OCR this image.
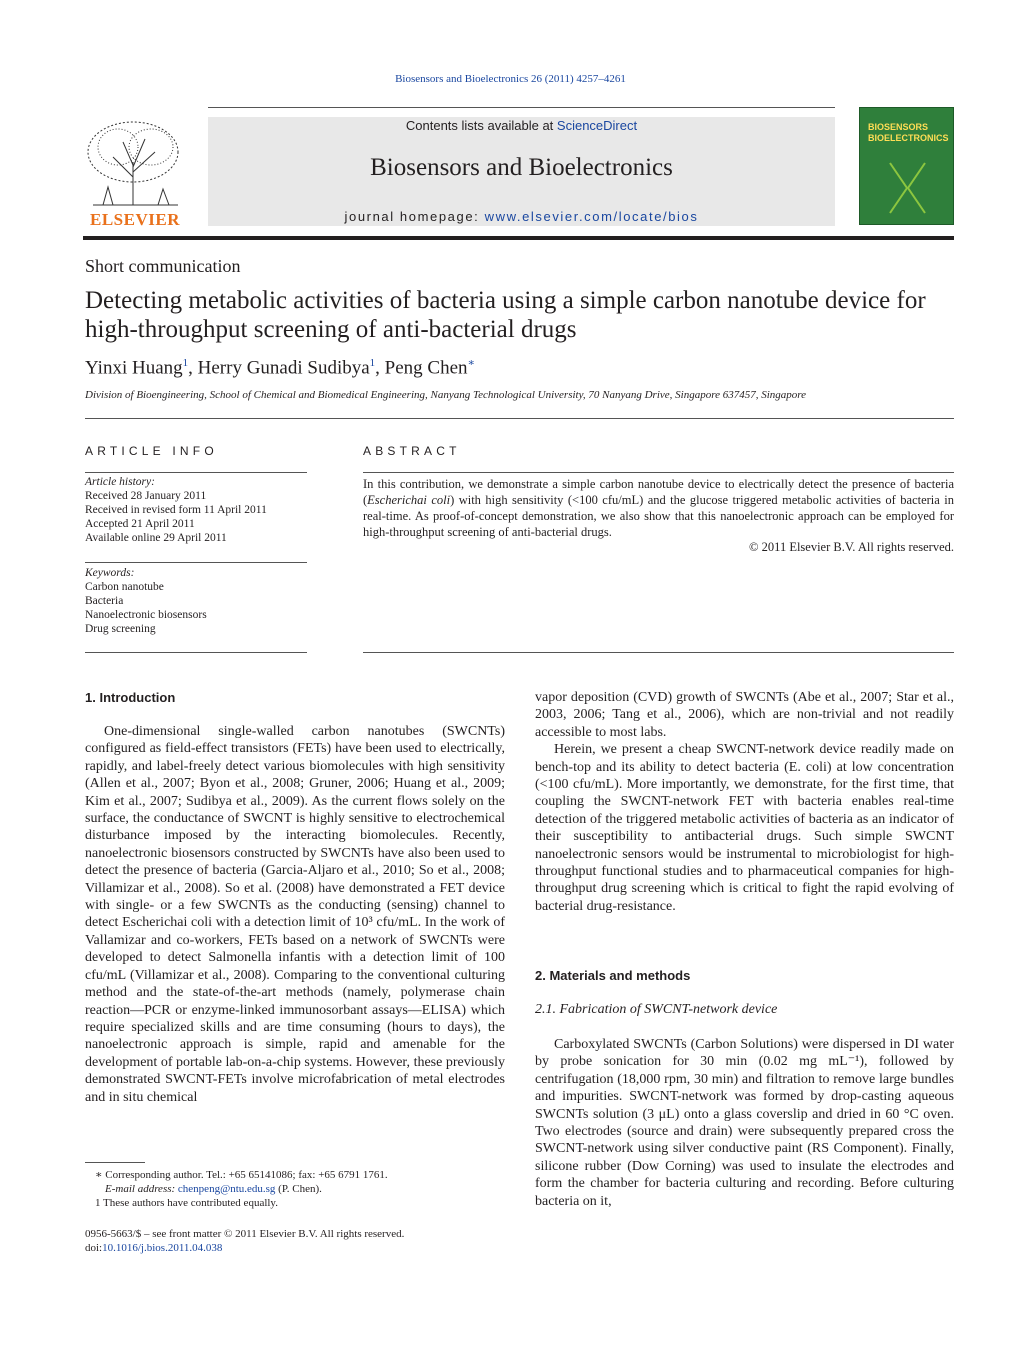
Biosensors and Bioelectronics 26 (2011) 4257–4261
ELSEVIER
Contents lists available at ScienceDirect
Biosensors and Bioelectronics
journal homepage: www.elsevier.com/locate/bios
BIOSENSORS BIOELECTRONICS
Short communication
Detecting metabolic activities of bacteria using a simple carbon nanotube device for high-throughput screening of anti-bacterial drugs
Yinxi Huang$^1$, Herry Gunadi Sudibya$^1$, Peng Chen∗
Division of Bioengineering, School of Chemical and Biomedical Engineering, Nanyang Technological University, 70 Nanyang Drive, Singapore 637457, Singapore
ARTICLE INFO	ABSTRACT
Article history:
Received 28 January 2011
Received in revised form 11 April 2011
Accepted 21 April 2011
Available online 29 April 2011
Keywords:
Carbon nanotube
Bacteria
Nanoelectronic biosensors
Drug screening
In this contribution, we demonstrate a simple carbon nanotube device to electrically detect the presence of bacteria (Escherichai coli) with high sensitivity (<100 cfu/mL) and the glucose triggered metabolic activities of bacteria in real-time. As proof-of-concept demonstration, we also show that this nanoelectronic approach can be employed for high-throughput screening of anti-bacterial drugs.
© 2011 Elsevier B.V. All rights reserved.
1. Introduction

One-dimensional single-walled carbon nanotubes (SWCNTs) configured as field-effect transistors (FETs) have been used to electrically, rapidly, and label-freely detect various biomolecules with high sensitivity (Allen et al., 2007; Byon et al., 2008; Gruner, 2006; Huang et al., 2009; Kim et al., 2007; Sudibya et al., 2009). As the current flows solely on the surface, the conductance of SWCNT is highly sensitive to electrochemical disturbance imposed by the interacting biomolecules. Recently, nanoelectronic biosensors constructed by SWCNTs have also been used to detect the presence of bacteria (Garcia-Aljaro et al., 2010; So et al., 2008; Villamizar et al., 2008). So et al. (2008) have demonstrated a FET device with single- or a few SWCNTs as the conducting (sensing) channel to detect Escherichai coli with a detection limit of 10³ cfu/mL. In the work of Vallamizar and co-workers, FETs based on a network of SWCNTs were developed to detect Salmonella infantis with a detection limit of 100 cfu/mL (Villamizar et al., 2008). Comparing to the conventional culturing method and the state-of-the-art methods (namely, polymerase chain reaction—PCR or enzyme-linked immunosorbant assays—ELISA) which require specialized skills and are time consuming (hours to days), the nanoelectronic approach is simple, rapid and amenable for the development of portable lab-on-a-chip systems. However, these previously demonstrated SWCNT-FETs involve microfabrication of metal electrodes and in situ chemical

vapor deposition (CVD) growth of SWCNTs (Abe et al., 2007; Star et al., 2003, 2006; Tang et al., 2006), which are non-trivial and not readily accessible to most labs.

Herein, we present a cheap SWCNT-network device readily made on bench-top and its ability to detect bacteria (E. coli) at low concentration (<100 cfu/mL). More importantly, we demonstrate, for the first time, that coupling the SWCNT-network FET with bacteria enables real-time detection of the triggered metabolic activities of bacteria as an indicator of their susceptibility to antibacterial drugs. Such simple SWCNT nanoelectronic sensors would be instrumental to microbiologist for high-throughput functional studies and to pharmaceutical companies for high-throughput drug screening which is critical to fight the rapid evolving of bacterial drug-resistance.

2. Materials and methods
2.1. Fabrication of SWCNT-network device

Carboxylated SWCNTs (Carbon Solutions) were dispersed in DI water by probe sonication for 30 min (0.02 mg mL⁻¹), followed by centrifugation (18,000 rpm, 30 min) and filtration to remove large bundles and impurities. SWCNT-network was formed by drop-casting aqueous SWCNTs solution (3 μL) onto a glass coverslip and dried in 60 °C oven. Two electrodes (source and drain) were subsequently prepared cross the SWCNT-network using silver conductive paint (RS Component). Finally, silicone rubber (Dow Corning) was used to insulate the electrodes and form the chamber for bacteria culturing and recording. Before culturing bacteria on it,

∗ Corresponding author. Tel.: +65 65141086; fax: +65 6791 1761.
E-mail address: chenpeng@ntu.edu.sg (P. Chen).
1 These authors have contributed equally.
0956-5663/$ – see front matter © 2011 Elsevier B.V. All rights reserved.
doi:10.1016/j.bios.2011.04.038
